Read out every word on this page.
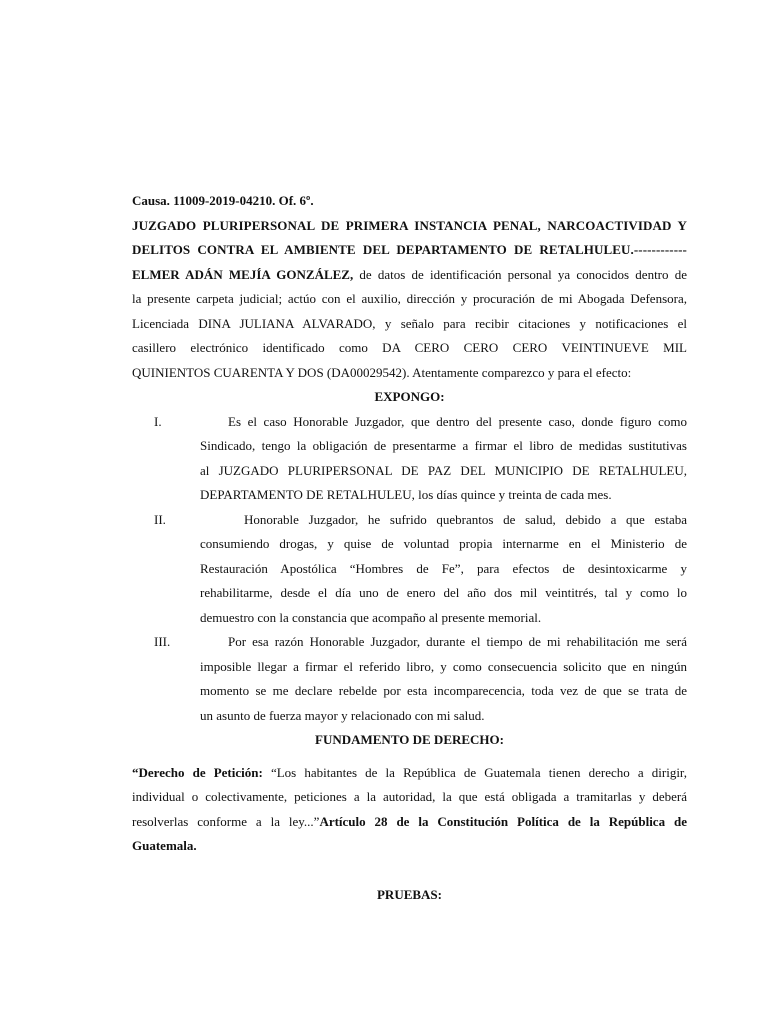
Causa. 11009-2019-04210. Of. 6º.
JUZGADO PLURIPERSONAL DE PRIMERA INSTANCIA PENAL, NARCOACTIVIDAD Y
DELITOS CONTRA EL AMBIENTE DEL DEPARTAMENTO DE RETALHULEU.------------
ELMER ADÁN MEJÍA GONZÁLEZ, de datos de identificación personal ya conocidos dentro de
la presente carpeta judicial; actúo con el auxilio, dirección y procuración de mi Abogada Defensora,
Licenciada DINA JULIANA ALVARADO, y señalo para recibir citaciones y notificaciones el
casillero electrónico identificado como DA CERO CERO CERO VEINTINUEVE MIL
QUINIENTOS CUARENTA Y DOS (DA00029542). Atentamente comparezco y para el efecto:
EXPONGO:
I.	Es el caso Honorable Juzgador, que dentro del presente caso, donde figuro como
Sindicado, tengo la obligación de presentarme a firmar el libro de medidas sustitutivas
al JUZGADO PLURIPERSONAL DE PAZ DEL MUNICIPIO DE RETALHULEU,
DEPARTAMENTO DE RETALHULEU, los días quince y treinta de cada mes.
II.	Honorable Juzgador, he sufrido quebrantos de salud, debido a que estaba
consumiendo drogas, y quise de voluntad propia internarme en el Ministerio de
Restauración Apostólica “Hombres de Fe”, para efectos de desintoxicarme y
rehabilitarme, desde el día uno de enero del año dos mil veintitrés, tal y como lo
demuestro con la constancia que acompaño al presente memorial.
III.	Por esa razón Honorable Juzgador, durante el tiempo de mi rehabilitación me será
imposible llegar a firmar el referido libro, y como consecuencia solicito que en ningún
momento se me declare rebelde por esta incomparecencia, toda vez de que se trata de
un asunto de fuerza mayor y relacionado con mi salud.
FUNDAMENTO DE DERECHO:
“Derecho de Petición: “Los habitantes de la República de Guatemala tienen derecho a dirigir,
individual o colectivamente, peticiones a la autoridad, la que está obligada a tramitarlas y deberá
resolverlas conforme a la ley...”Artículo 28 de la Constitución Política de la República de
Guatemala.
PRUEBAS:
